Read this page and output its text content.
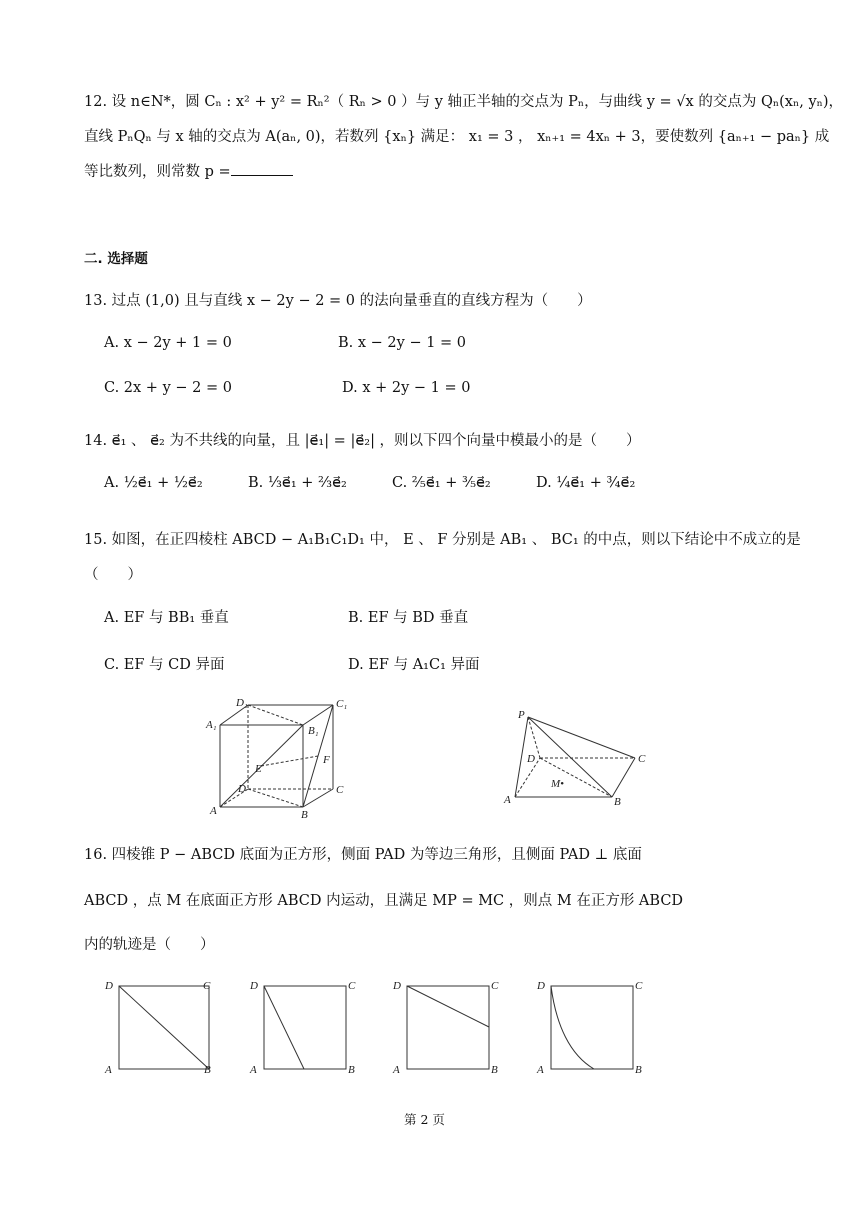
12. 设 n∈N*，圆 Cₙ : x² + y² = Rₙ²（ Rₙ > 0 ）与 y 轴正半轴的交点为 Pₙ，与曲线 y = √x 的交点为 Qₙ(xₙ, yₙ)，
直线 PₙQₙ 与 x 轴的交点为 A(aₙ, 0)，若数列 {xₙ} 满足： x₁ = 3 ， xₙ₊₁ = 4xₙ + 3，要使数列 {aₙ₊₁ − paₙ} 成
等比数列，则常数 p =
二. 选择题
13. 过点 (1,0) 且与直线 x − 2y − 2 = 0 的法向量垂直的直线方程为（　　）
A. x − 2y + 1 = 0	B. x − 2y − 1 = 0
C. 2x + y − 2 = 0	D. x + 2y − 1 = 0
14. e⃗₁ 、 e⃗₂ 为不共线的向量，且 |e⃗₁| = |e⃗₂| ，则以下四个向量中模最小的是（　　）
A. ½e⃗₁ + ½e⃗₂	B. ⅓e⃗₁ + ⅔e⃗₂	C. ⅖e⃗₁ + ⅗e⃗₂	D. ¼e⃗₁ + ¾e⃗₂
15. 如图，在正四棱柱 ABCD − A₁B₁C₁D₁ 中， E 、 F 分别是 AB₁ 、 BC₁ 的中点，则以下结论中不成立的是
（　　）
A. EF 与 BB₁ 垂直	B. EF 与 BD 垂直
C. EF 与 CD 异面	D. EF 与 A₁C₁ 异面
D₁	C₁
A₁	B₁
E
F
D	C
A	B
P
D	C
M•
A	B
16. 四棱锥 P − ABCD 底面为正方形，侧面 PAD 为等边三角形，且侧面 PAD ⊥ 底面
ABCD ，点 M 在底面正方形 ABCD 内运动，且满足 MP = MC ，则点 M 在正方形 ABCD
内的轨迹是（　　）
D	C
A	B
D	C
A	B
D	C
A	B
D	C
A	B
第 2 页
